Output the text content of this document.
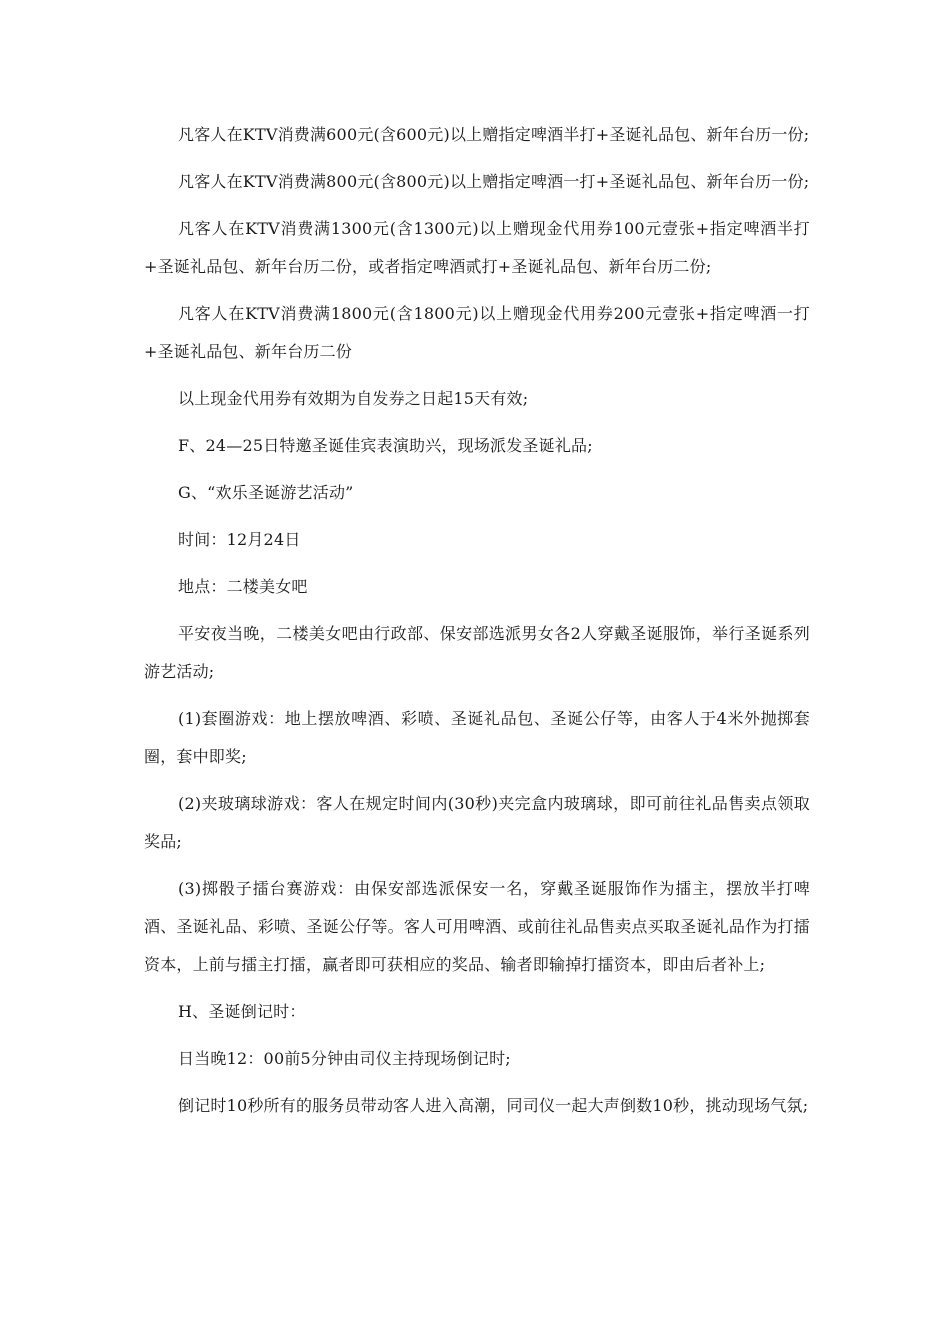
凡客人在KTV消费满600元(含600元)以上赠指定啤酒半打+圣诞礼品包、新年台历一份;

凡客人在KTV消费满800元(含800元)以上赠指定啤酒一打+圣诞礼品包、新年台历一份;

凡客人在KTV消费满1300元(含1300元)以上赠现金代用券100元壹张+指定啤酒半打+圣诞礼品包、新年台历二份，或者指定啤酒贰打+圣诞礼品包、新年台历二份;

凡客人在KTV消费满1800元(含1800元)以上赠现金代用券200元壹张+指定啤酒一打+圣诞礼品包、新年台历二份

以上现金代用券有效期为自发券之日起15天有效;

F、24—25日特邀圣诞佳宾表演助兴，现场派发圣诞礼品;

G、“欢乐圣诞游艺活动”

时间：12月24日

地点：二楼美女吧

平安夜当晚，二楼美女吧由行政部、保安部选派男女各2人穿戴圣诞服饰，举行圣诞系列游艺活动;

(1)套圈游戏：地上摆放啤酒、彩喷、圣诞礼品包、圣诞公仔等，由客人于4米外抛掷套圈，套中即奖;

(2)夹玻璃球游戏：客人在规定时间内(30秒)夹完盒内玻璃球，即可前往礼品售卖点领取奖品;

(3)掷骰子擂台赛游戏：由保安部选派保安一名，穿戴圣诞服饰作为擂主，摆放半打啤酒、圣诞礼品、彩喷、圣诞公仔等。客人可用啤酒、或前往礼品售卖点买取圣诞礼品作为打擂资本，上前与擂主打擂，赢者即可获相应的奖品、输者即输掉打擂资本，即由后者补上;

H、圣诞倒记时：

日当晚12：00前5分钟由司仪主持现场倒记时;

倒记时10秒所有的服务员带动客人进入高潮，同司仪一起大声倒数10秒，挑动现场气氛;
